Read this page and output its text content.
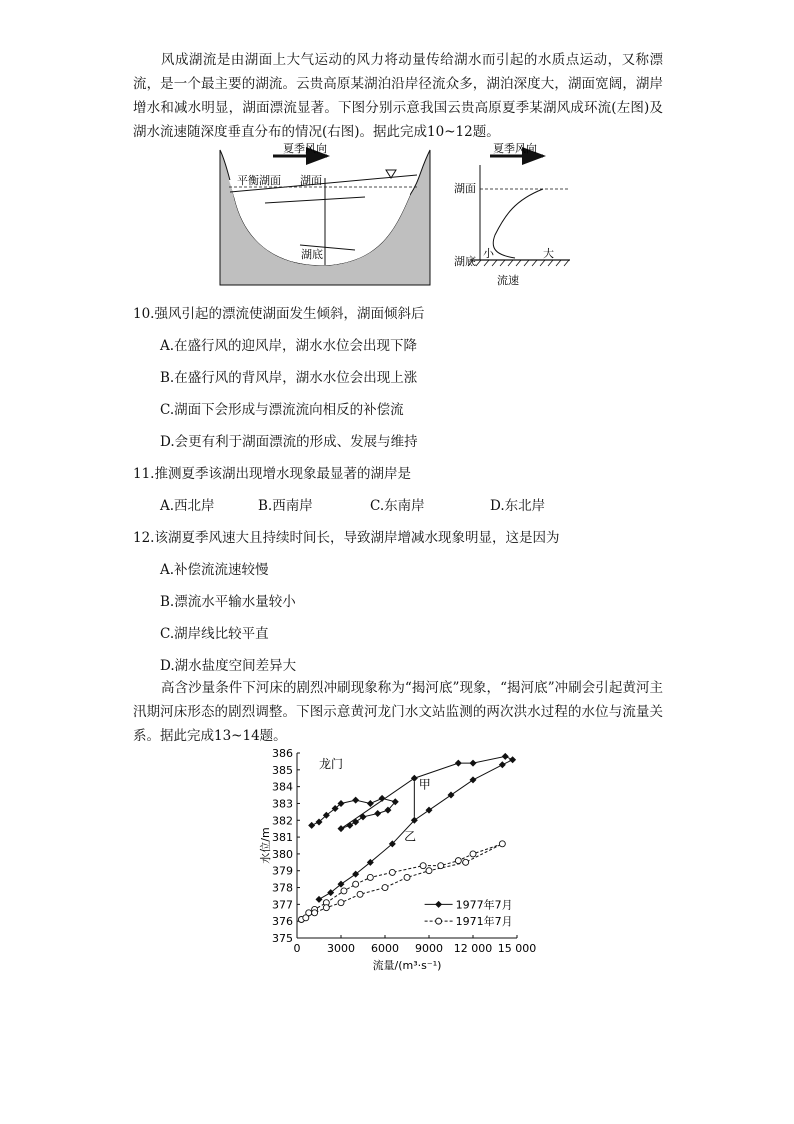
风成湖流是由湖面上大气运动的风力将动量传给湖水而引起的水质点运动，又称漂流，是一个最主要的湖流。云贵高原某湖泊沿岸径流众多，湖泊深度大，湖面宽阔，湖岸增水和减水明显，湖面漂流显著。下图分别示意我国云贵高原夏季某湖风成环流(左图)及湖水流速随深度垂直分布的情况(右图)。据此完成10~12题。
夏季风向
平衡湖面 湖面
湖底
夏季风向
湖面
湖底
小	大
流速
10.强风引起的漂流使湖面发生倾斜，湖面倾斜后
A.在盛行风的迎风岸，湖水水位会出现下降
B.在盛行风的背风岸，湖水水位会出现上涨
C.湖面下会形成与漂流流向相反的补偿流
D.会更有利于湖面漂流的形成、发展与维持
11.推测夏季该湖出现增水现象最显著的湖岸是
A.西北岸	B.西南岸	C.东南岸	D.东北岸
12.该湖夏季风速大且持续时间长，导致湖岸增减水现象明显，这是因为
A.补偿流流速较慢
B.漂流水平输水量较小
C.湖岸线比较平直
D.湖水盐度空间差异大
高含沙量条件下河床的剧烈冲刷现象称为“揭河底”现象，“揭河底”冲刷会引起黄河主汛期河床形态的剧烈调整。下图示意黄河龙门水文站监测的两次洪水过程的水位与流量关系。据此完成13~14题。
375
376
377
378
379
380
381
382
383
384
385
386
0 3000 6000 9000 12 000 15 000
流量/(m³·s⁻¹)
水位/m
龙门
甲
乙
1977年7月
1971年7月
